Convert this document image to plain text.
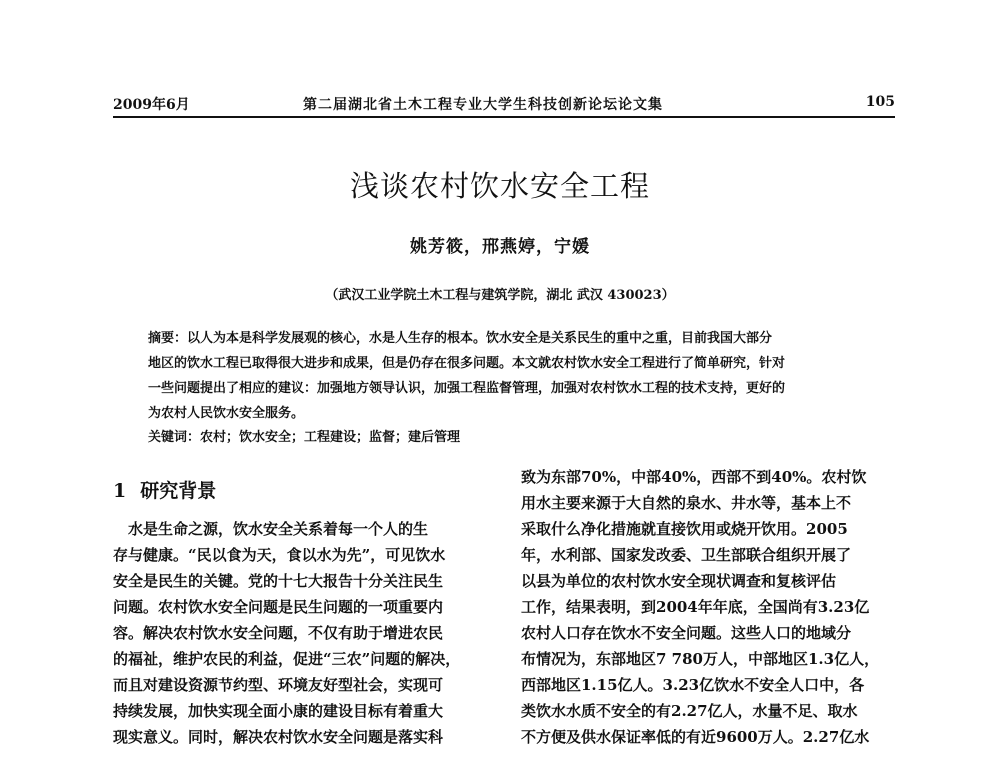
2009年6月	第二届湖北省土木工程专业大学生科技创新论坛论文集	105
浅谈农村饮水安全工程
姚芳筱，邢燕婷，宁媛
（武汉工业学院土木工程与建筑学院，湖北 武汉 430023）
摘要：以人为本是科学发展观的核心，水是人生存的根本。饮水安全是关系民生的重中之重，目前我国大部分
地区的饮水工程已取得很大进步和成果，但是仍存在很多问题。本文就农村饮水安全工程进行了简单研究，针对
一些问题提出了相应的建议：加强地方领导认识，加强工程监督管理，加强对农村饮水工程的技术支持，更好的
为农村人民饮水安全服务。
关键词：农村；饮水安全；工程建设；监督；建后管理
1 研究背景
　水是生命之源，饮水安全关系着每一个人的生
存与健康。“民以食为天，食以水为先”，可见饮水
安全是民生的关键。党的十七大报告十分关注民生
问题。农村饮水安全问题是民生问题的一项重要内
容。解决农村饮水安全问题，不仅有助于增进农民
的福祉，维护农民的利益，促进“三农”问题的解决，
而且对建设资源节约型、环境友好型社会，实现可
持续发展，加快实现全面小康的建设目标有着重大
现实意义。同时，解决农村饮水安全问题是落实科
致为东部70%，中部40%，西部不到40%。农村饮
用水主要来源于大自然的泉水、井水等，基本上不
采取什么净化措施就直接饮用或烧开饮用。2005
年，水利部、国家发改委、卫生部联合组织开展了
以县为单位的农村饮水安全现状调查和复核评估
工作，结果表明，到2004年年底，全国尚有3.23亿
农村人口存在饮水不安全问题。这些人口的地域分
布情况为，东部地区7 780万人，中部地区1.3亿人，
西部地区1.15亿人。3.23亿饮水不安全人口中，各
类饮水水质不安全的有2.27亿人，水量不足、取水
不方便及供水保证率低的有近9600万人。2.27亿水
